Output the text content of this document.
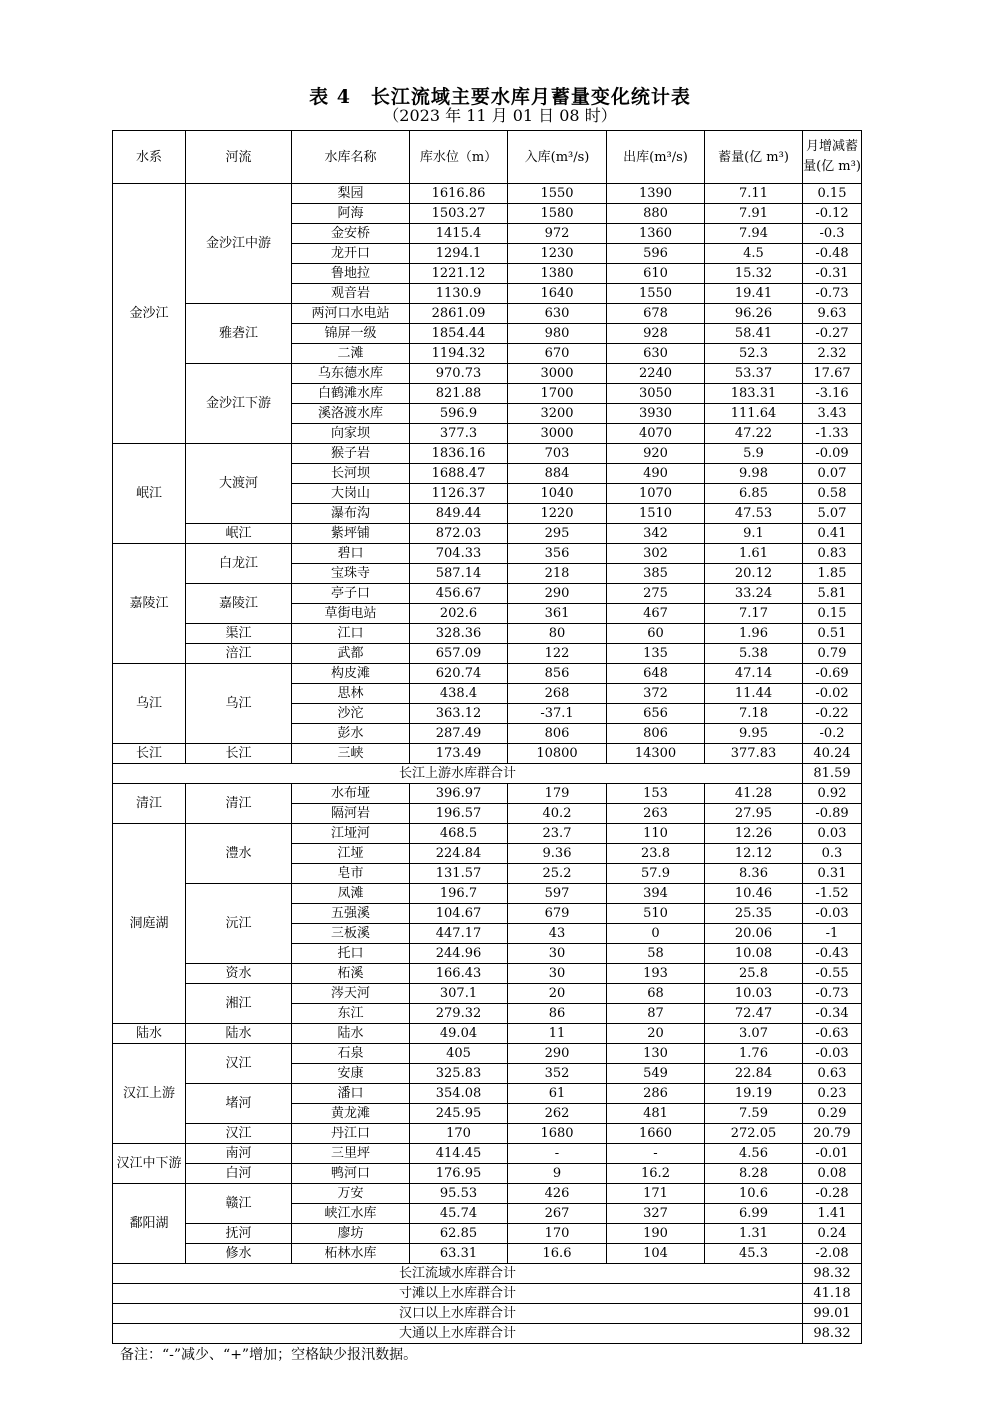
表 4　长江流域主要水库月蓄量变化统计表
（2023 年 11 月 01 日 08 时）
水系	河流	水库名称	库水位（m）	入库(m³/s)	出库(m³/s)	蓄量(亿 m³)	月增减蓄量(亿 m³)
金沙江	金沙江中游	梨园	1616.86	1550	1390	7.11	0.15
		阿海	1503.27	1580	880	7.91	-0.12
		金安桥	1415.4	972	1360	7.94	-0.3
		龙开口	1294.1	1230	596	4.5	-0.48
		鲁地拉	1221.12	1380	610	15.32	-0.31
		观音岩	1130.9	1640	1550	19.41	-0.73
	雅砻江	两河口水电站	2861.09	630	678	96.26	9.63
		锦屏一级	1854.44	980	928	58.41	-0.27
		二滩	1194.32	670	630	52.3	2.32
	金沙江下游	乌东德水库	970.73	3000	2240	53.37	17.67
		白鹤滩水库	821.88	1700	3050	183.31	-3.16
		溪洛渡水库	596.9	3200	3930	111.64	3.43
		向家坝	377.3	3000	4070	47.22	-1.33
岷江	大渡河	猴子岩	1836.16	703	920	5.9	-0.09
		长河坝	1688.47	884	490	9.98	0.07
		大岗山	1126.37	1040	1070	6.85	0.58
		瀑布沟	849.44	1220	1510	47.53	5.07
	岷江	紫坪铺	872.03	295	342	9.1	0.41
嘉陵江	白龙江	碧口	704.33	356	302	1.61	0.83
		宝珠寺	587.14	218	385	20.12	1.85
	嘉陵江	亭子口	456.67	290	275	33.24	5.81
		草街电站	202.6	361	467	7.17	0.15
	渠江	江口	328.36	80	60	1.96	0.51
	涪江	武都	657.09	122	135	5.38	0.79
乌江	乌江	构皮滩	620.74	856	648	47.14	-0.69
		思林	438.4	268	372	11.44	-0.02
		沙沱	363.12	-37.1	656	7.18	-0.22
		彭水	287.49	806	806	9.95	-0.2
长江	长江	三峡	173.49	10800	14300	377.83	40.24
长江上游水库群合计							81.59
清江	清江	水布垭	396.97	179	153	41.28	0.92
		隔河岩	196.57	40.2	263	27.95	-0.89
洞庭湖	澧水	江垭河	468.5	23.7	110	12.26	0.03
		江垭	224.84	9.36	23.8	12.12	0.3
		皂市	131.57	25.2	57.9	8.36	0.31
	沅江	凤滩	196.7	597	394	10.46	-1.52
		五强溪	104.67	679	510	25.35	-0.03
		三板溪	447.17	43	0	20.06	-1
		托口	244.96	30	58	10.08	-0.43
	资水	柘溪	166.43	30	193	25.8	-0.55
	湘江	涔天河	307.1	20	68	10.03	-0.73
		东江	279.32	86	87	72.47	-0.34
陆水	陆水	陆水	49.04	11	20	3.07	-0.63
汉江上游	汉江	石泉	405	290	130	1.76	-0.03
		安康	325.83	352	549	22.84	0.63
	堵河	潘口	354.08	61	286	19.19	0.23
		黄龙滩	245.95	262	481	7.59	0.29
	汉江	丹江口	170	1680	1660	272.05	20.79
汉江中下游	南河	三里坪	414.45	-	-	4.56	-0.01
	白河	鸭河口	176.95	9	16.2	8.28	0.08
鄱阳湖	赣江	万安	95.53	426	171	10.6	-0.28
		峡江水库	45.74	267	327	6.99	1.41
	抚河	廖坊	62.85	170	190	1.31	0.24
	修水	柘林水库	63.31	16.6	104	45.3	-2.08
长江流域水库群合计							98.32
寸滩以上水库群合计							41.18
汉口以上水库群合计							99.01
大通以上水库群合计							98.32
备注：“-”减少、“+”增加；空格缺少报汛数据。
